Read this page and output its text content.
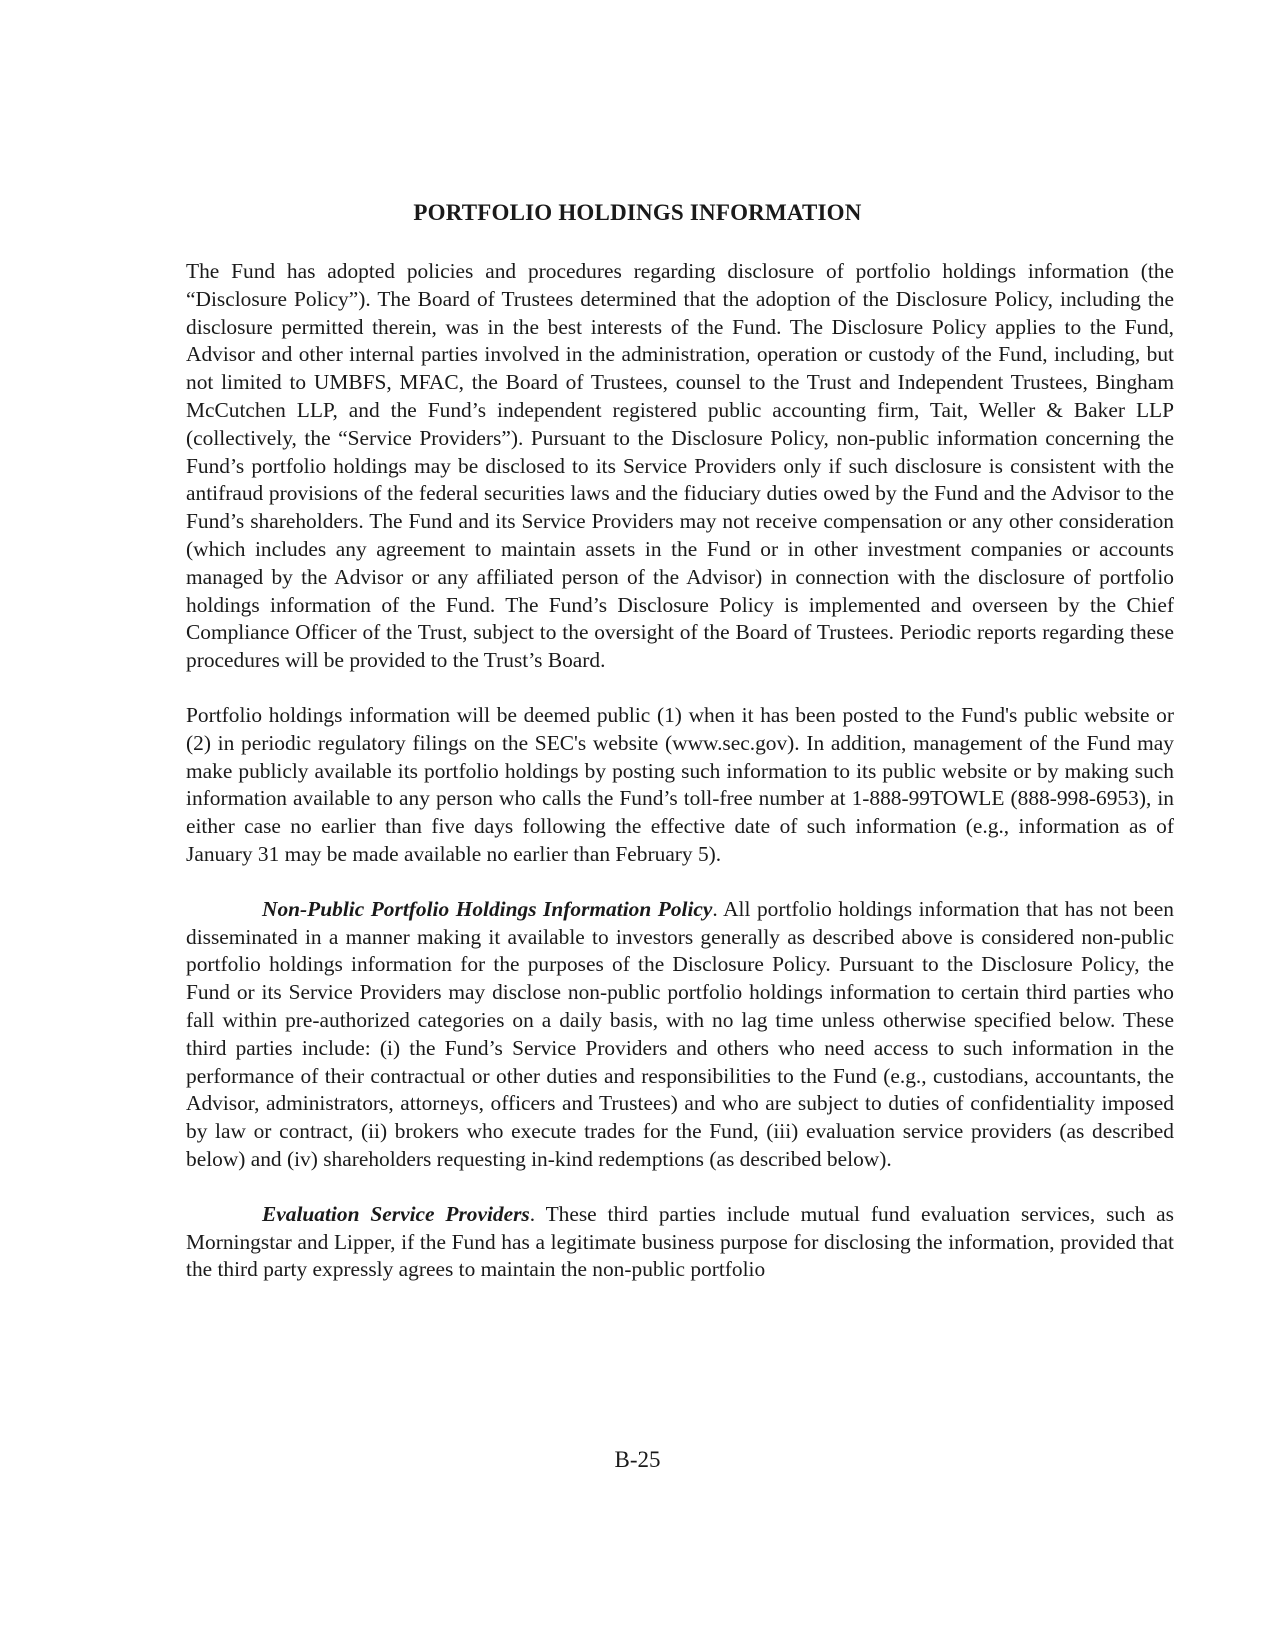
PORTFOLIO HOLDINGS INFORMATION

The Fund has adopted policies and procedures regarding disclosure of portfolio holdings information (the “Disclosure Policy”). The Board of Trustees determined that the adoption of the Disclosure Policy, including the disclosure permitted therein, was in the best interests of the Fund. The Disclosure Policy applies to the Fund, Advisor and other internal parties involved in the administration, operation or custody of the Fund, including, but not limited to UMBFS, MFAC, the Board of Trustees, counsel to the Trust and Independent Trustees, Bingham McCutchen LLP, and the Fund’s independent registered public accounting firm, Tait, Weller & Baker LLP (collectively, the “Service Providers”). Pursuant to the Disclosure Policy, non-public information concerning the Fund’s portfolio holdings may be disclosed to its Service Providers only if such disclosure is consistent with the antifraud provisions of the federal securities laws and the fiduciary duties owed by the Fund and the Advisor to the Fund’s shareholders. The Fund and its Service Providers may not receive compensation or any other consideration (which includes any agreement to maintain assets in the Fund or in other investment companies or accounts managed by the Advisor or any affiliated person of the Advisor) in connection with the disclosure of portfolio holdings information of the Fund. The Fund’s Disclosure Policy is implemented and overseen by the Chief Compliance Officer of the Trust, subject to the oversight of the Board of Trustees. Periodic reports regarding these procedures will be provided to the Trust’s Board.

Portfolio holdings information will be deemed public (1) when it has been posted to the Fund's public website or (2) in periodic regulatory filings on the SEC's website (www.sec.gov). In addition, management of the Fund may make publicly available its portfolio holdings by posting such information to its public website or by making such information available to any person who calls the Fund’s toll-free number at 1-888-99TOWLE (888-998-6953), in either case no earlier than five days following the effective date of such information (e.g., information as of January 31 may be made available no earlier than February 5).

Non-Public Portfolio Holdings Information Policy. All portfolio holdings information that has not been disseminated in a manner making it available to investors generally as described above is considered non-public portfolio holdings information for the purposes of the Disclosure Policy. Pursuant to the Disclosure Policy, the Fund or its Service Providers may disclose non-public portfolio holdings information to certain third parties who fall within pre-authorized categories on a daily basis, with no lag time unless otherwise specified below. These third parties include: (i) the Fund’s Service Providers and others who need access to such information in the performance of their contractual or other duties and responsibilities to the Fund (e.g., custodians, accountants, the Advisor, administrators, attorneys, officers and Trustees) and who are subject to duties of confidentiality imposed by law or contract, (ii) brokers who execute trades for the Fund, (iii) evaluation service providers (as described below) and (iv) shareholders requesting in-kind redemptions (as described below).

Evaluation Service Providers. These third parties include mutual fund evaluation services, such as Morningstar and Lipper, if the Fund has a legitimate business purpose for disclosing the information, provided that the third party expressly agrees to maintain the non-public portfolio

B-25
